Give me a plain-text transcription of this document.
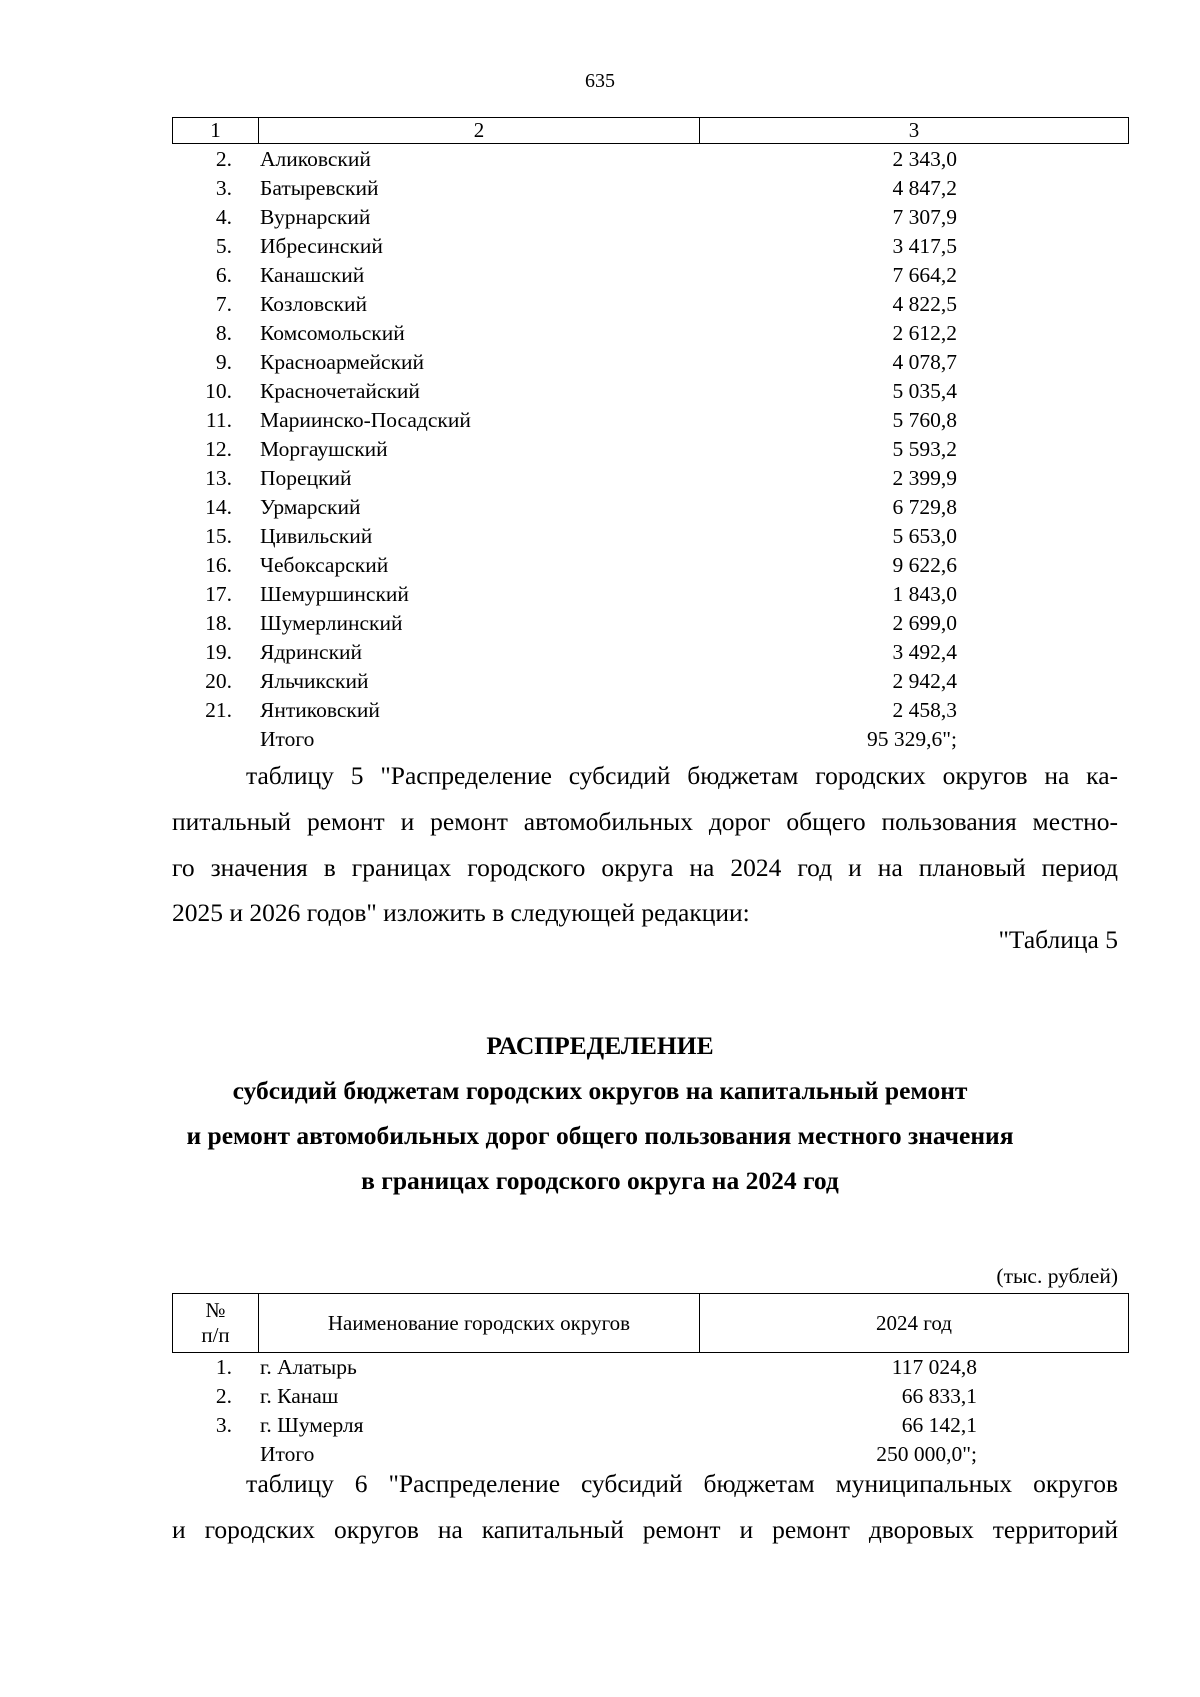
635
1	2	3
2. Аликовский	2 343,0
3. Батыревский	4 847,2
4. Вурнарский	7 307,9
5. Ибресинский	3 417,5
6. Канашский	7 664,2
7. Козловский	4 822,5
8. Комсомольский	2 612,2
9. Красноармейский	4 078,7
10. Красночетайский	5 035,4
11. Мариинско-Посадский	5 760,8
12. Моргаушский	5 593,2
13. Порецкий	2 399,9
14. Урмарский	6 729,8
15. Цивильский	5 653,0
16. Чебоксарский	9 622,6
17. Шемуршинский	1 843,0
18. Шумерлинский	2 699,0
19. Ядринский	3 492,4
20. Яльчикский	2 942,4
21. Янтиковский	2 458,3
Итого	95 329,6";
таблицу 5 "Распределение субсидий бюджетам городских округов на ка-
питальный ремонт и ремонт автомобильных дорог общего пользования местно-
го значения в границах городского округа на 2024 год и на плановый период
2025 и 2026 годов" изложить в следующей редакции:
"Таблица 5
РАСПРЕДЕЛЕНИЕ
субсидий бюджетам городских округов на капитальный ремонт
и ремонт автомобильных дорог общего пользования местного значения
в границах городского округа на 2024 год
(тыс. рублей)
№
п/п
	Наименование городских округов	2024 год
1. г. Алатырь	117 024,8
2. г. Канаш	66 833,1
3. г. Шумерля	66 142,1
Итого	250 000,0";
таблицу 6 "Распределение субсидий бюджетам муниципальных округов
и городских округов на капитальный ремонт и ремонт дворовых территорий
